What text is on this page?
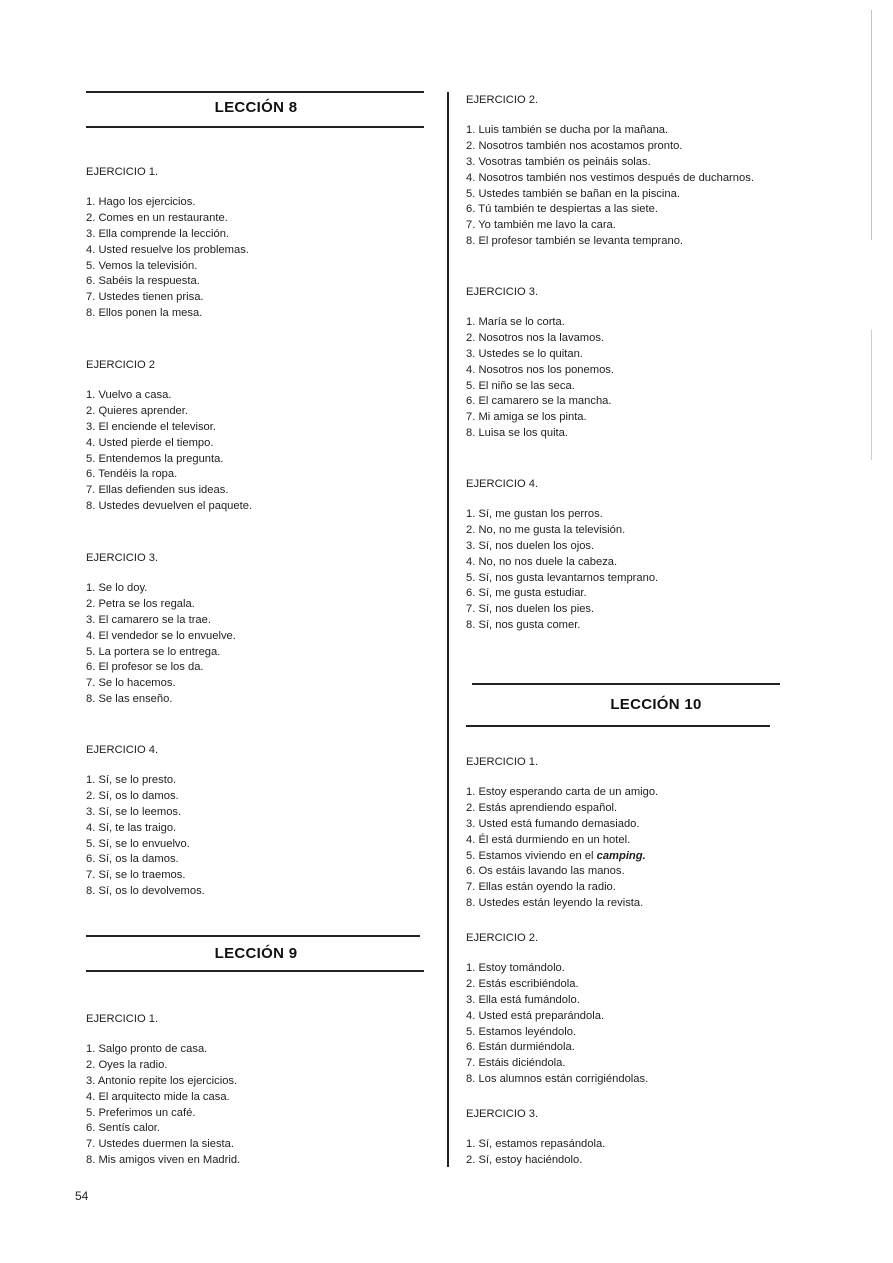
LECCIÓN 8
EJERCICIO 1.
1. Hago los ejercicios.
2. Comes en un restaurante.
3. Ella comprende la lección.
4. Usted resuelve los problemas.
5. Vemos la televisión.
6. Sabéis la respuesta.
7. Ustedes tienen prisa.
8. Ellos ponen la mesa.
EJERCICIO 2
1. Vuelvo a casa.
2. Quieres aprender.
3. El enciende el televisor.
4. Usted pierde el tiempo.
5. Entendemos la pregunta.
6. Tendéis la ropa.
7. Ellas defienden sus ideas.
8. Ustedes devuelven el paquete.
EJERCICIO 3.
1. Se lo doy.
2. Petra se los regala.
3. El camarero se la trae.
4. El vendedor se lo envuelve.
5. La portera se lo entrega.
6. El profesor se los da.
7. Se lo hacemos.
8. Se las enseño.
EJERCICIO 4.
1. Sí, se lo presto.
2. Sí, os lo damos.
3. Sí, se lo leemos.
4. Sí, te las traigo.
5. Sí, se lo envuelvo.
6. Sí, os la damos.
7. Sí, se lo traemos.
8. Sí, os lo devolvemos.
LECCIÓN 9
EJERCICIO 1.
1. Salgo pronto de casa.
2. Oyes la radio.
3. Antonio repite los ejercicios.
4. El arquitecto mide la casa.
5. Preferimos un café.
6. Sentís calor.
7. Ustedes duermen la siesta.
8. Mis amigos viven en Madrid.
EJERCICIO 2.
1. Luis también se ducha por la mañana.
2. Nosotros también nos acostamos pronto.
3. Vosotras también os peináis solas.
4. Nosotros también nos vestimos después de ducharnos.
5. Ustedes también se bañan en la piscina.
6. Tú también te despiertas a las siete.
7. Yo también me lavo la cara.
8. El profesor también se levanta temprano.
EJERCICIO 3.
1. María se lo corta.
2. Nosotros nos la lavamos.
3. Ustedes se lo quitan.
4. Nosotros nos los ponemos.
5. El niño se las seca.
6. El camarero se la mancha.
7. Mi amiga se los pinta.
8. Luisa se los quita.
EJERCICIO 4.
1. Sí, me gustan los perros.
2. No, no me gusta la televisión.
3. Sí, nos duelen los ojos.
4. No, no nos duele la cabeza.
5. Sí, nos gusta levantarnos temprano.
6. Sí, me gusta estudiar.
7. Sí, nos duelen los pies.
8. Sí, nos gusta comer.
LECCIÓN 10
EJERCICIO 1.
1. Estoy esperando carta de un amigo.
2. Estás aprendiendo español.
3. Usted está fumando demasiado.
4. Él está durmiendo en un hotel.
5. Estamos viviendo en el camping.
6. Os estáis lavando las manos.
7. Ellas están oyendo la radio.
8. Ustedes están leyendo la revista.
EJERCICIO 2.
1. Estoy tomándolo.
2. Estás escribiéndola.
3. Ella está fumándolo.
4. Usted está preparándola.
5. Estamos leyéndolo.
6. Están durmiéndola.
7. Estáis diciéndola.
8. Los alumnos están corrigiéndolas.
EJERCICIO 3.
1. Sí, estamos repasándola.
2. Sí, estoy haciéndolo.
54
